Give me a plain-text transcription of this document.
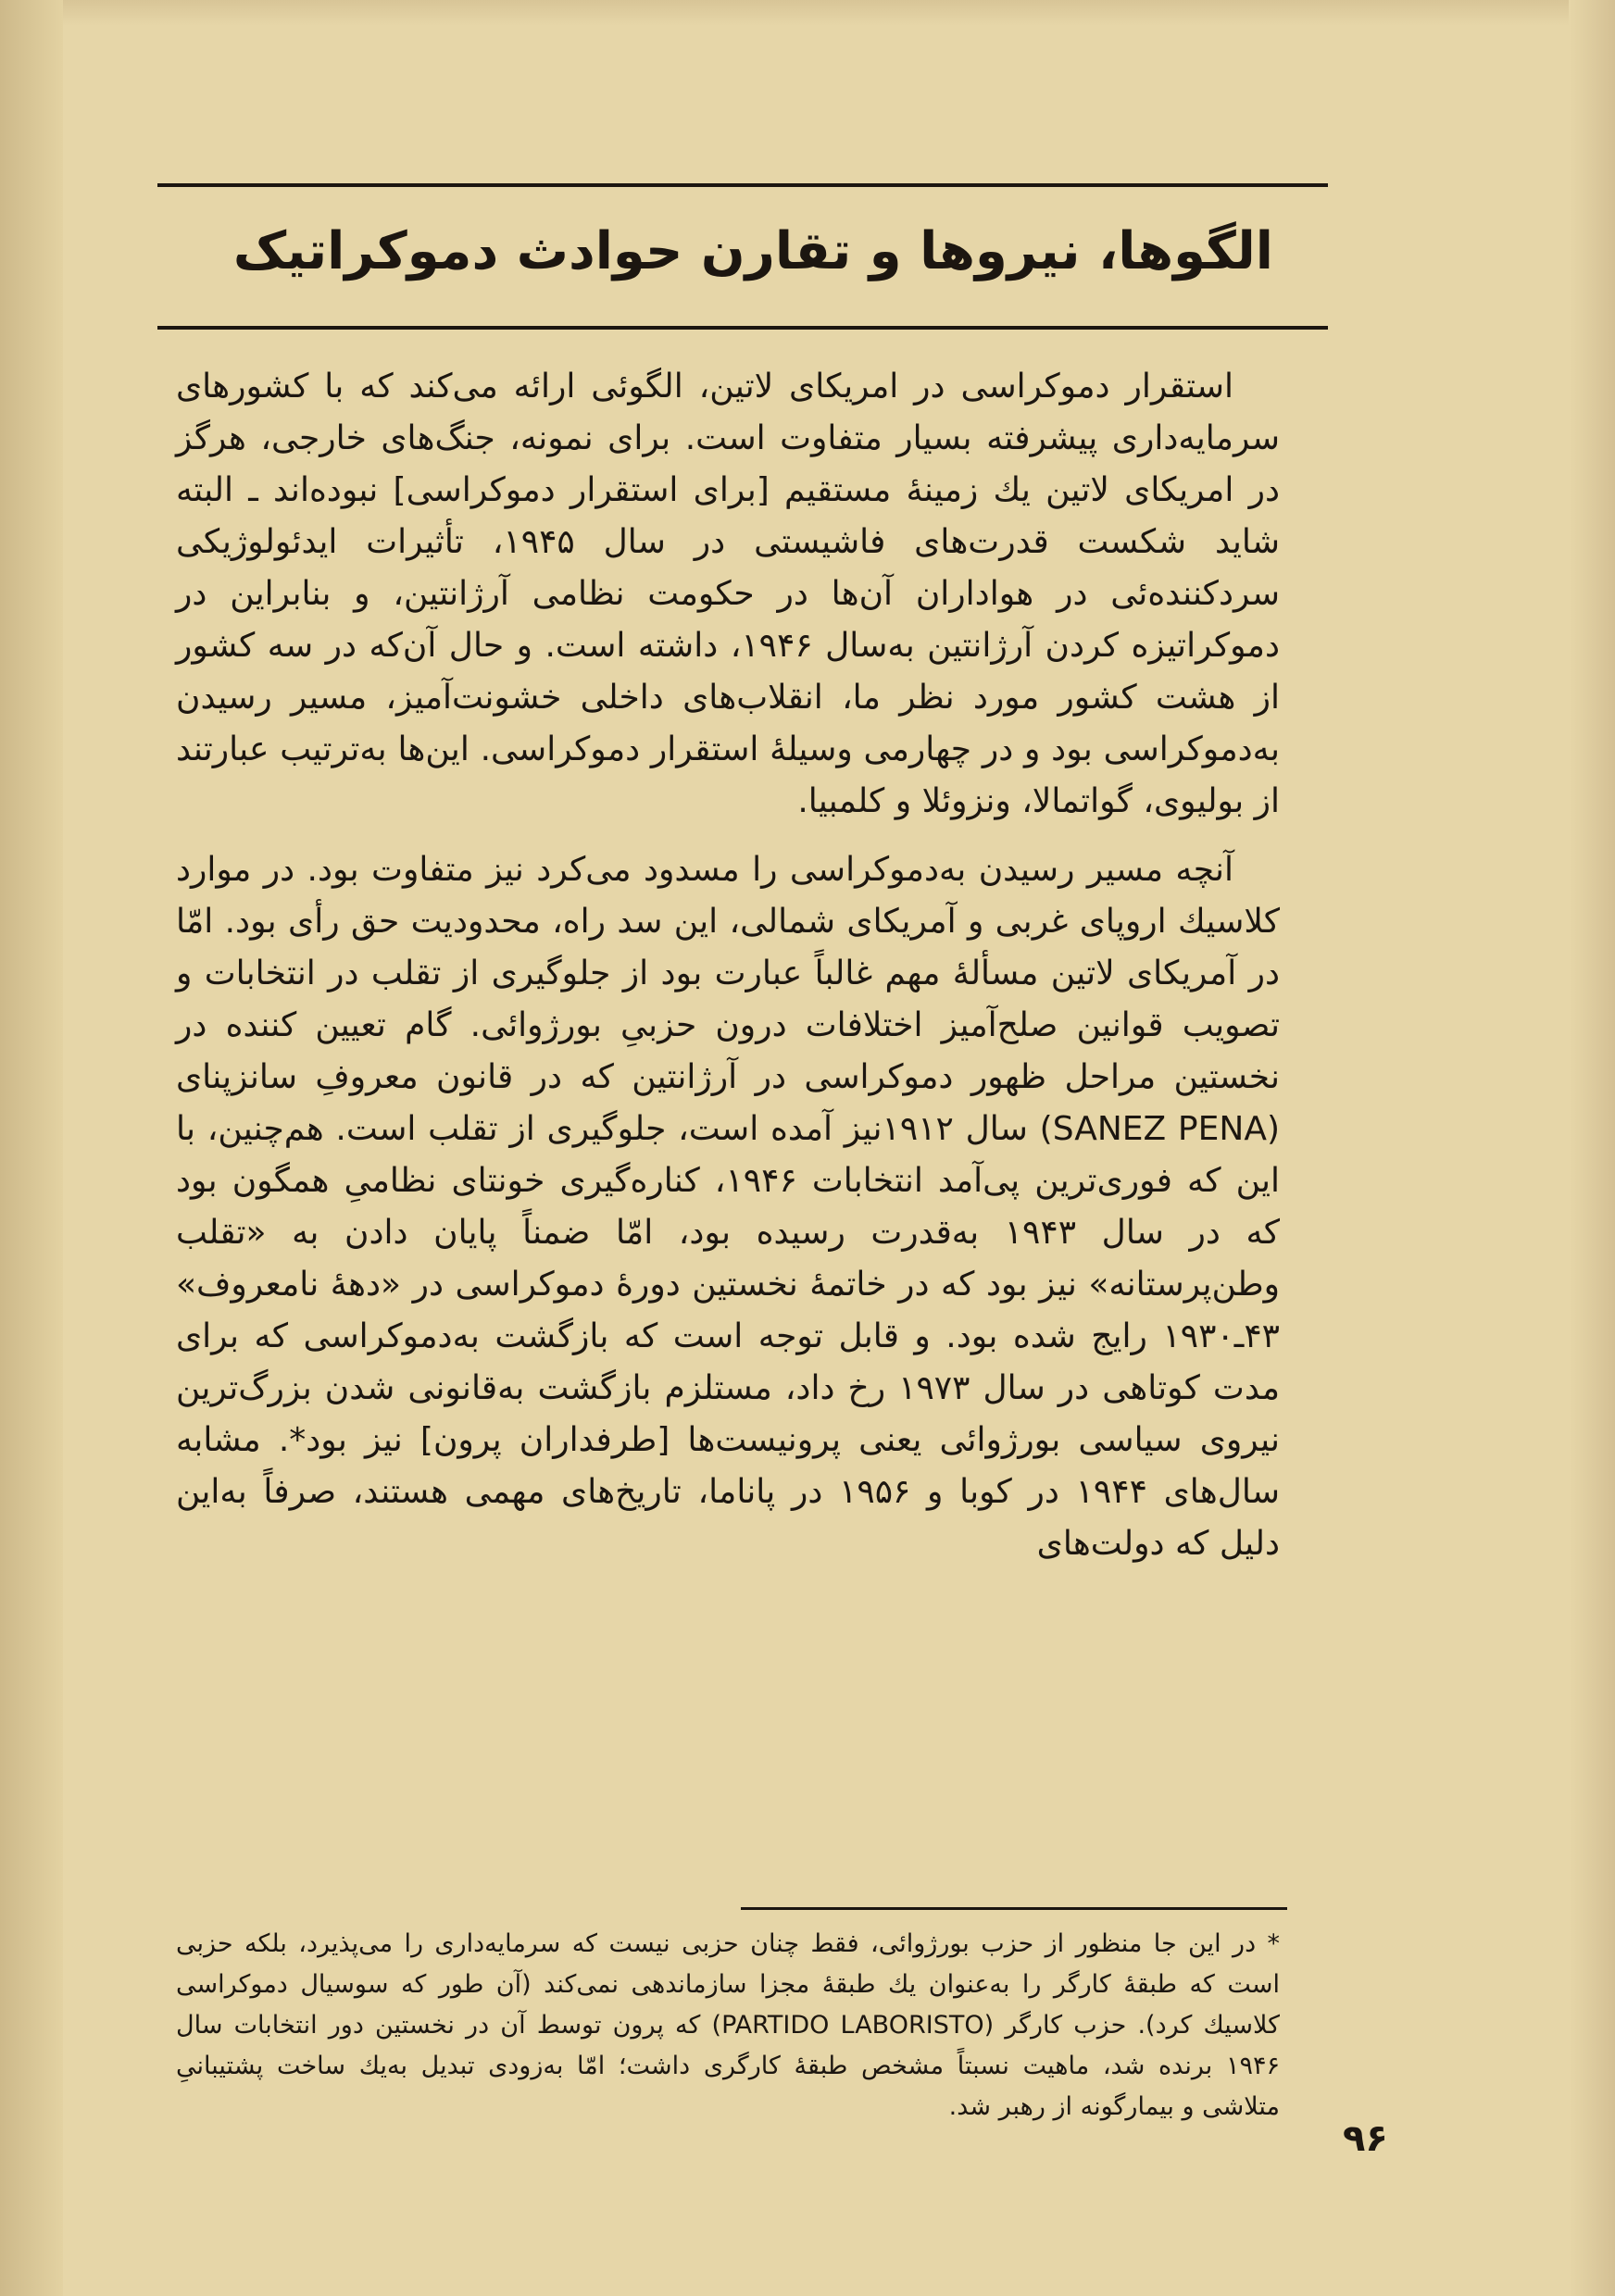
الگوها، نیروها و تقارن حوادث دموکراتیک

استقرار دموکراسی در امریکای لاتین، الگوئی ارائه می‌کند که با کشورهای سرمایه‌داری پیشرفته بسیار متفاوت است. برای نمونه، جنگ‌های خارجی، هرگز در امریکای لاتین یك زمینهٔ مستقیم [برای استقرار دموکراسی] نبوده‌اند ـ البته شاید شکست قدرت‌های فاشیستی در سال ۱۹۴۵، تأثیرات ایدئولوژیکی سردکننده‌ئی در هواداران آن‌ها در حکومت نظامی آرژانتین، و بنابراین در دموکراتیزه کردن آرژانتین به‌سال ۱۹۴۶، داشته است. و حال آن‌که در سه کشور از هشت کشور مورد نظر ما، انقلاب‌های داخلی خشونت‌آمیز، مسیر رسیدن به‌دموکراسی بود و در چهارمی وسیلهٔ استقرار دموکراسی. این‌ها به‌ترتیب عبارتند از بولیوی، گواتمالا، ونزوئلا و کلمبیا.

آنچه مسیر رسیدن به‌دموکراسی را مسدود می‌کرد نیز متفاوت بود. در موارد کلاسیك اروپای غربی و آمریکای شمالی، این سد راه، محدودیت حق رأی بود. امّا در آمریکای لاتین مسألهٔ مهم غالباً عبارت بود از جلوگیری از تقلب در انتخابات و تصویب قوانین صلح‌آمیز اختلافات درون حزبیِ بورژوائی. گام تعیین کننده در نخستین مراحل ظهور دموکراسی در آرژانتین که در قانون معروفِ سانزپنای (SANEZ PENA) سال ۱۹۱۲نیز آمده است، جلوگیری از تقلب است. هم‌چنین، با این که فوری‌ترین پی‌آمد انتخابات ۱۹۴۶، کناره‌گیری خونتای نظامیِ همگون بود که در سال ۱۹۴۳ به‌قدرت رسیده بود، امّا ضمناً پایان دادن به «تقلب وطن‌پرستانه» نیز بود که در خاتمهٔ نخستین دورهٔ دموکراسی در «دههٔ نامعروف» ۴۳ـ۱۹۳۰ رایج شده بود. و قابل توجه است که بازگشت به‌دموکراسی که برای مدت کوتاهی در سال ۱۹۷۳ رخ داد، مستلزم بازگشت به‌قانونی شدن بزرگ‌ترین نیروی سیاسی بورژوائی یعنی پرونیست‌ها [طرفداران پرون] نیز بود*. مشابه سال‌های ۱۹۴۴ در کوبا و ۱۹۵۶ در پاناما، تاریخ‌های مهمی هستند، صرفاً به‌این دلیل که دولت‌های

* در این جا منظور از حزب بورژوائی، فقط چنان حزبی نیست که سرمایه‌داری را می‌پذیرد، بلکه حزبی است که طبقهٔ کارگر را به‌عنوان یك طبقهٔ مجزا سازماندهی نمی‌کند (آن طور که سوسیال دموکراسی کلاسیك کرد). حزب کارگر (PARTIDO LABORISTO) که پرون توسط آن در نخستین دور انتخابات سال ۱۹۴۶ برنده شد، ماهیت نسبتاً مشخص طبقهٔ کارگری داشت؛ امّا به‌زودی تبدیل به‌یك ساخت پشتیبانیِ متلاشی و بیمارگونه از رهبر شد.

۹۶
